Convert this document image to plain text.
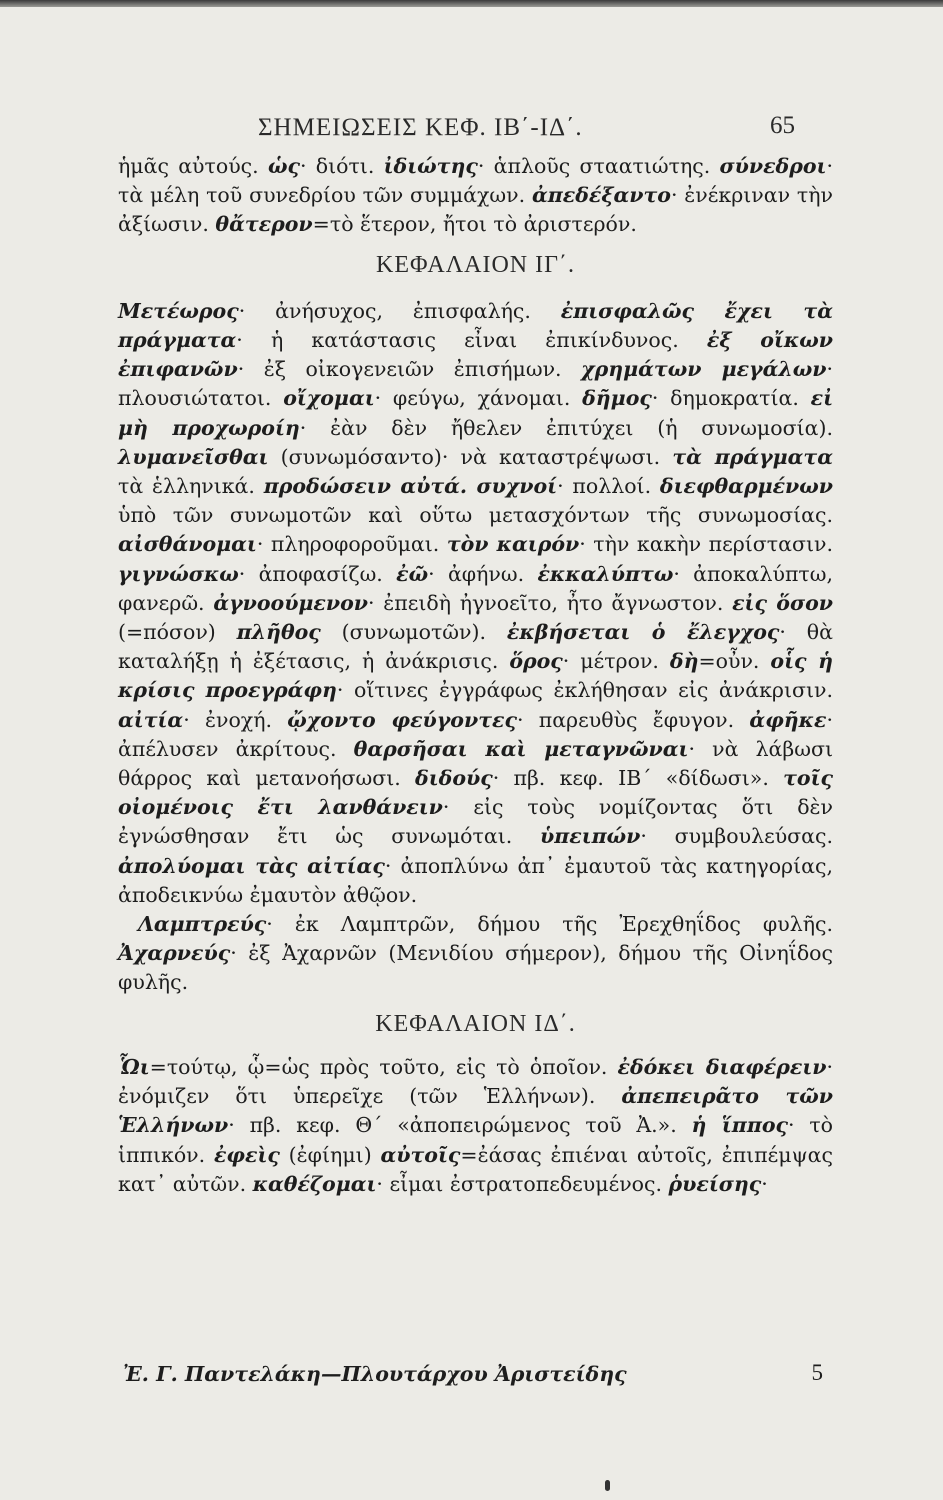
ΣΗΜΕΙΩΣΕΙΣ ΚΕΦ. ΙΒ΄-ΙΔ΄.	65

ἡμᾶς αὐτούς. ὡς· διότι. ἰδιώτης· ἁπλοῦς σταατιώτης. σύνεδροι· τὰ μέλη τοῦ συνεδρίου τῶν συμμάχων. ἀπεδέξαντο· ἐνέκριναν τὴν ἀξίωσιν. θἄτερον=τὸ ἕτερον, ἤτοι τὸ ἀριστερόν.

ΚΕΦΑΛΑΙΟΝ ΙΓ΄.

Μετέωρος· ἀνήσυχος, ἐπισφαλής. ἐπισφαλῶς ἔχει τὰ πράγματα· ἡ κατάστασις εἶναι ἐπικίνδυνος. ἐξ οἴκων ἐπιφανῶν· ἐξ οἰκογενειῶν ἐπισήμων. χρημάτων μεγάλων· πλουσιώτατοι. οἴχομαι· φεύγω, χάνομαι. δῆμος· δημοκρατία. εἰ μὴ προχωροίη· ἐὰν δὲν ἤθελεν ἐπιτύχει (ἡ συνωμοσία). λυμανεῖσθαι (συνωμόσαντο)· νὰ καταστρέψωσι. τὰ πράγματα τὰ ἑλληνικά. προδώσειν αὐτά. συχνοί· πολλοί. διεφθαρμένων ὑπὸ τῶν συνωμοτῶν καὶ οὕτω μετασχόντων τῆς συνωμοσίας. αἰσθάνομαι· πληροφοροῦμαι. τὸν καιρόν· τὴν κακὴν περίστασιν. γιγνώσκω· ἀποφασίζω. ἐῶ· ἀφήνω. ἐκκαλύπτω· ἀποκαλύπτω, φανερῶ. ἀγνοούμενον· ἐπειδὴ ἠγνοεῖτο, ἦτο ἄγνωστον. εἰς ὅσον (=πόσον) πλῆθος (συνωμοτῶν). ἐκβήσεται ὁ ἔλεγχος· θὰ καταλήξῃ ἡ ἐξέτασις, ἡ ἀνάκρισις. ὅρος· μέτρον. δὴ=οὖν. οἷς ἡ κρίσις προεγράφη· οἵτινες ἐγγράφως ἐκλήθησαν εἰς ἀνάκρισιν. αἰτία· ἐνοχή. ᾤχοντο φεύγοντες· παρευθὺς ἔφυγον. ἀφῆκε· ἀπέλυσεν ἀκρίτους. θαρσῆσαι καὶ μεταγνῶναι· νὰ λάβωσι θάρρος καὶ μετανοήσωσι. διδούς· πβ. κεφ. ΙΒ΄ «δίδωσι». τοῖς οἰομένοις ἔτι λανθάνειν· εἰς τοὺς νομίζοντας ὅτι δὲν ἐγνώσθησαν ἔτι ὡς συνωμόται. ὑπειπών· συμβουλεύσας. ἀπολύομαι τὰς αἰτίας· ἀποπλύνω ἀπ᾿ ἐμαυτοῦ τὰς κατηγορίας, ἀποδεικνύω ἐμαυτὸν ἀθῷον.

Λαμπτρεύς· ἐκ Λαμπτρῶν, δήμου τῆς Ἐρεχθηΐδος φυλῆς. Ἀχαρνεύς· ἐξ Ἀχαρνῶν (Μενιδίου σήμερον), δήμου τῆς Οἰνηΐδος φυλῆς.

ΚΕΦΑΛΑΙΟΝ ΙΔ΄.

Ὧι=τούτῳ, ᾧ=ὡς πρὸς τοῦτο, εἰς τὸ ὁποῖον. ἐδόκει διαφέρειν· ἐνόμιζεν ὅτι ὑπερεῖχε (τῶν Ἑλλήνων). ἀπεπειρᾶτο τῶν Ἑλλήνων· πβ. κεφ. Θ΄ «ἀποπειρώμενος τοῦ Ἀ.». ἡ ἵππος· τὸ ἱππικόν. ἐφεὶς (ἐφίημι) αὐτοῖς=ἐάσας ἐπιέναι αὐτοῖς, ἐπιπέμψας κατ᾿ αὐτῶν. καθέζομαι· εἶμαι ἐστρατοπεδευμένος. ῥυείσης·

Ἐ. Γ. Παντελάκη—Πλουτάρχου Ἀριστείδης	5
